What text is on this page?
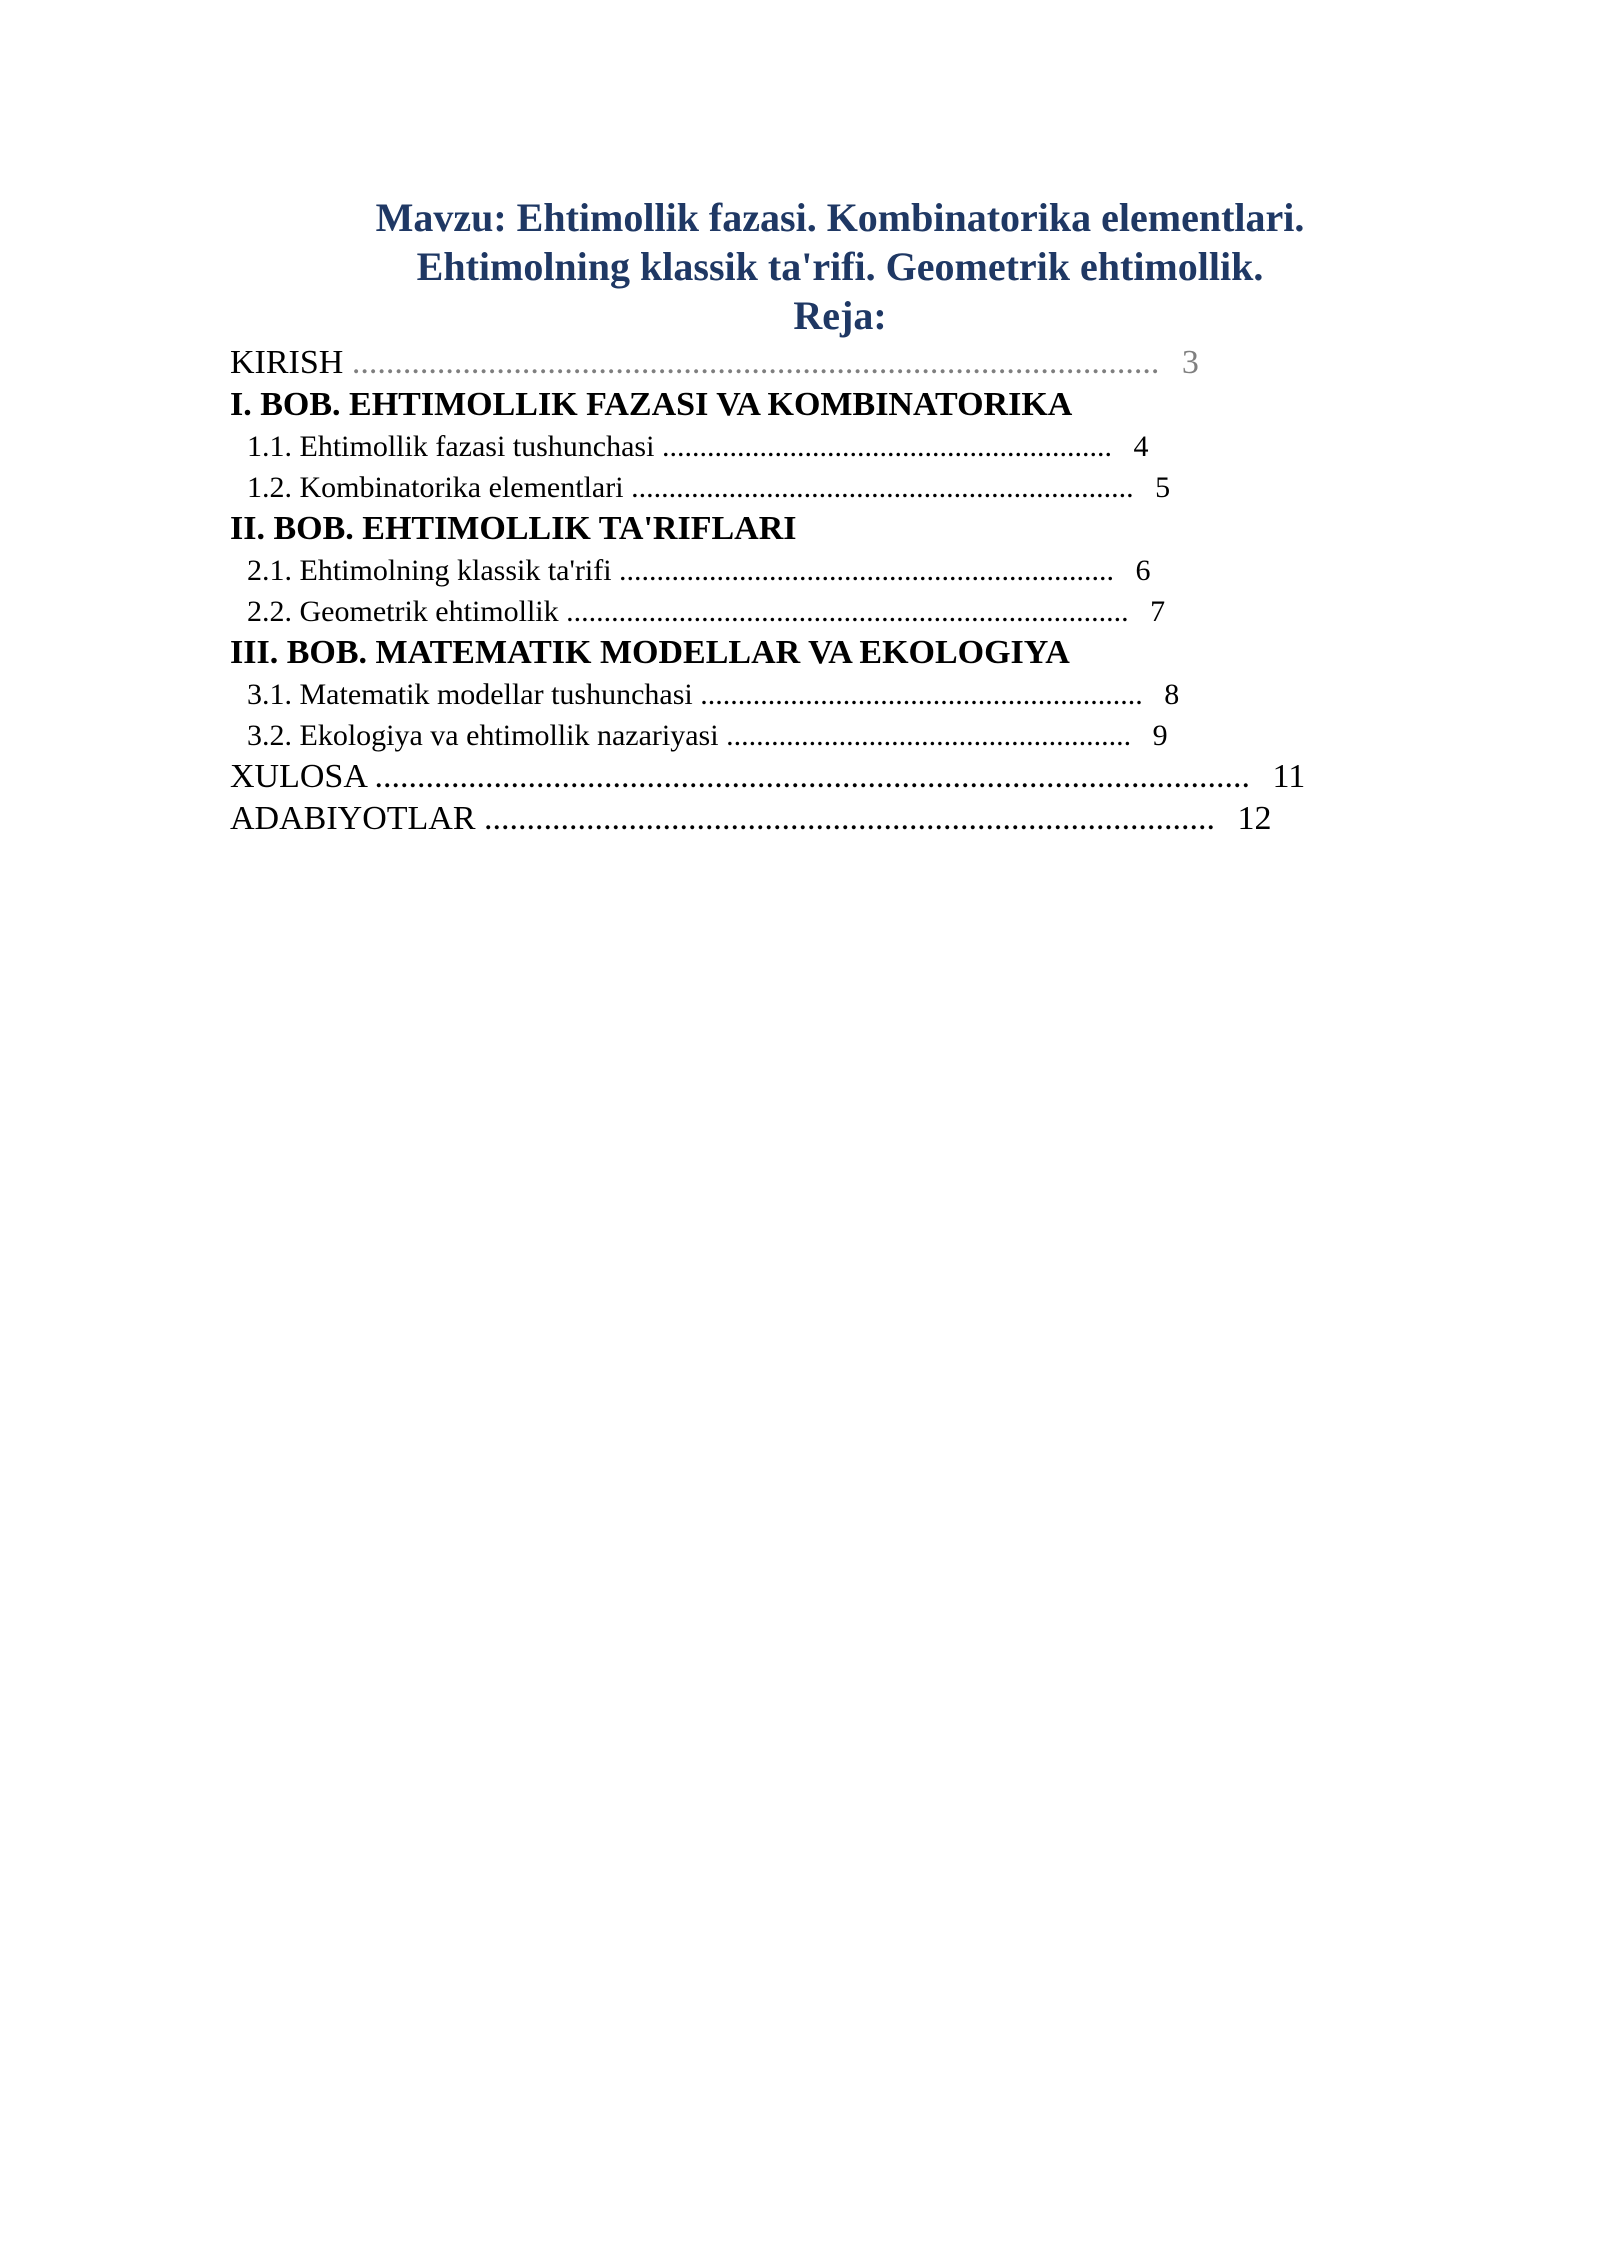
Mavzu: Ehtimollik fazasi. Kombinatorika elementlari.
Ehtimolning klassik ta'rifi. Geometrik ehtimollik.
Reja:
KIRISH ............................................................................................... 3
I. BOB. EHTIMOLLIK FAZASI VA KOMBINATORIKA
1.1. Ehtimollik fazasi tushunchasi ............................................................ 4
1.2. Kombinatorika elementlari ................................................................... 5
II. BOB. EHTIMOLLIK TA'RIFLARI
2.1. Ehtimolning klassik ta'rifi .................................................................. 6
2.2. Geometrik ehtimollik ........................................................................... 7
III. BOB. MATEMATIK MODELLAR VA EKOLOGIYA
3.1. Matematik modellar tushunchasi ........................................................... 8
3.2. Ekologiya va ehtimollik nazariyasi ...................................................... 9
XULOSA ....................................................................................................... 11
ADABIYOTLAR ...................................................................................... 12
